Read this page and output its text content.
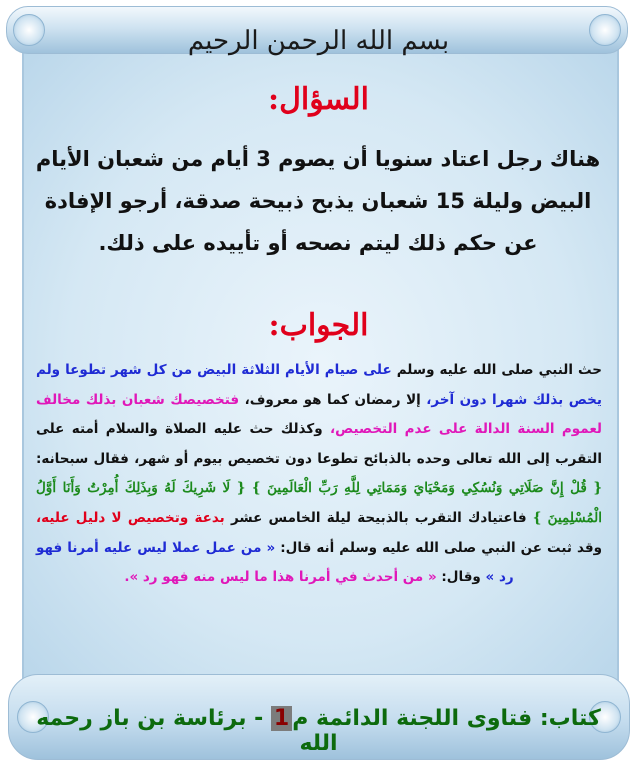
بسم الله الرحمن الرحيم
السؤال:
هناك رجل اعتاد سنويا أن يصوم 3 أيام من شعبان الأيام البيض وليلة 15 شعبان يذبح ذبيحة صدقة، أرجو الإفادة عن حكم ذلك ليتم نصحه أو تأييده على ذلك.
الجواب:
حث النبي صلى الله عليه وسلم على صيام الأيام الثلاثة البيض من كل شهر تطوعا ولم يخص بذلك شهرا دون آخر، إلا رمضان كما هو معروف، فتخصيصك شعبان بذلك مخالف لعموم السنة الدالة على عدم التخصيص، وكذلك حث عليه الصلاة والسلام أمته على التقرب إلى الله تعالى وحده بالذبائح تطوعا دون تخصيص بيوم أو شهر، فقال سبحانه: { قُلْ إِنَّ صَلَاتِي وَنُسُكِي وَمَحْيَايَ وَمَمَاتِي لِلَّهِ رَبِّ الْعَالَمِينَ } { لَا شَرِيكَ لَهُ وَبِذَلِكَ أُمِرْتُ وَأَنَا أَوَّلُ الْمُسْلِمِينَ } فاعتيادك التقرب بالذبيحة ليلة الخامس عشر بدعة وتخصيص لا دليل عليه، وقد ثبت عن النبي صلى الله عليه وسلم أنه قال: « من عمل عملا ليس عليه أمرنا فهو رد » وقال: « من أحدث في أمرنا هذا ما ليس منه فهو رد ».
كتاب: فتاوى اللجنة الدائمة م1 - برئاسة بن باز رحمه الله
